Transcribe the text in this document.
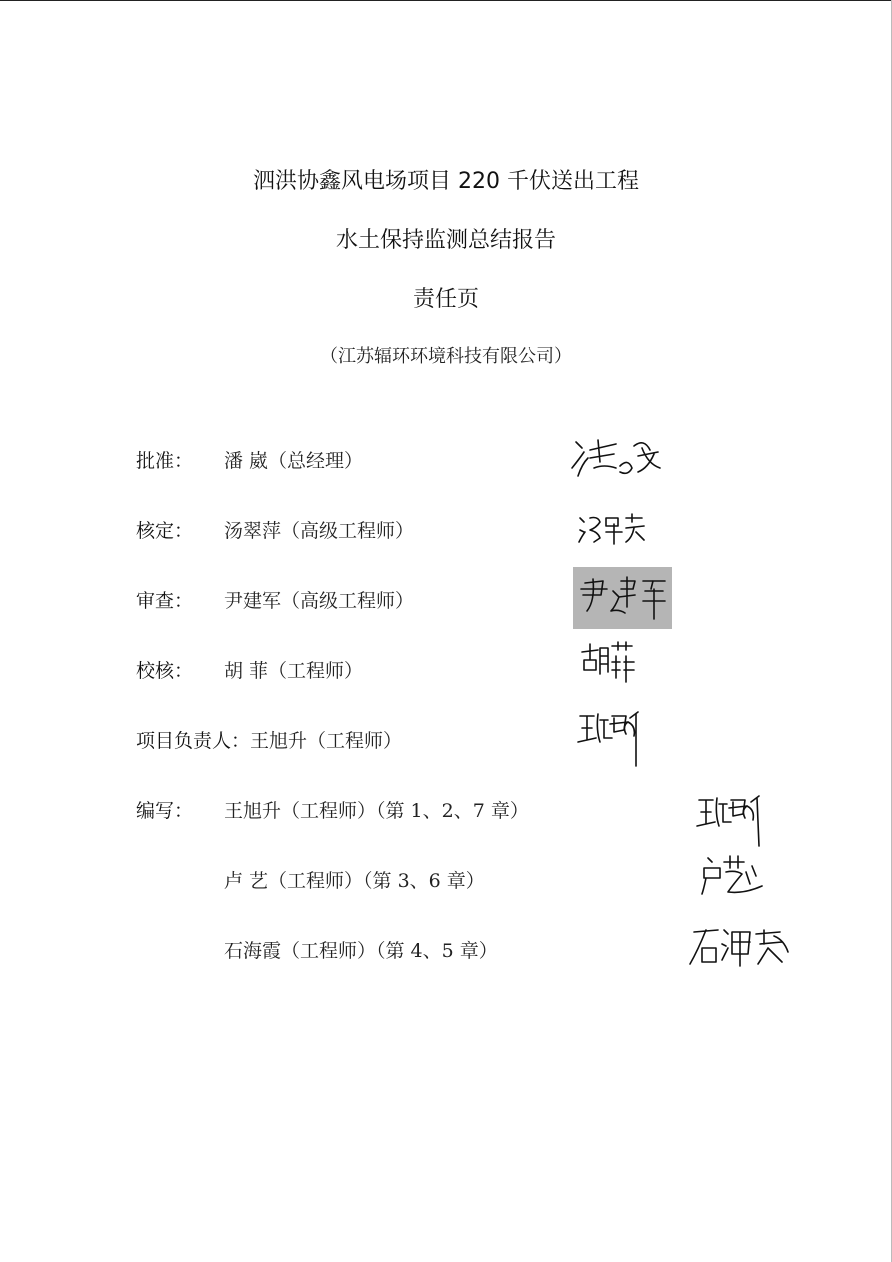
泗洪协鑫风电场项目 220 千伏送出工程
水土保持监测总结报告
责任页
（江苏辐环环境科技有限公司）
批准： 潘 崴（总经理）
核定： 汤翠萍（高级工程师）
审查： 尹建军（高级工程师）
校核： 胡 菲（工程师）
项目负责人：王旭升（工程师）
编写： 王旭升（工程师）（第 1、2、7 章）
卢 艺（工程师）（第 3、6 章）
石海霞（工程师）（第 4、5 章）
